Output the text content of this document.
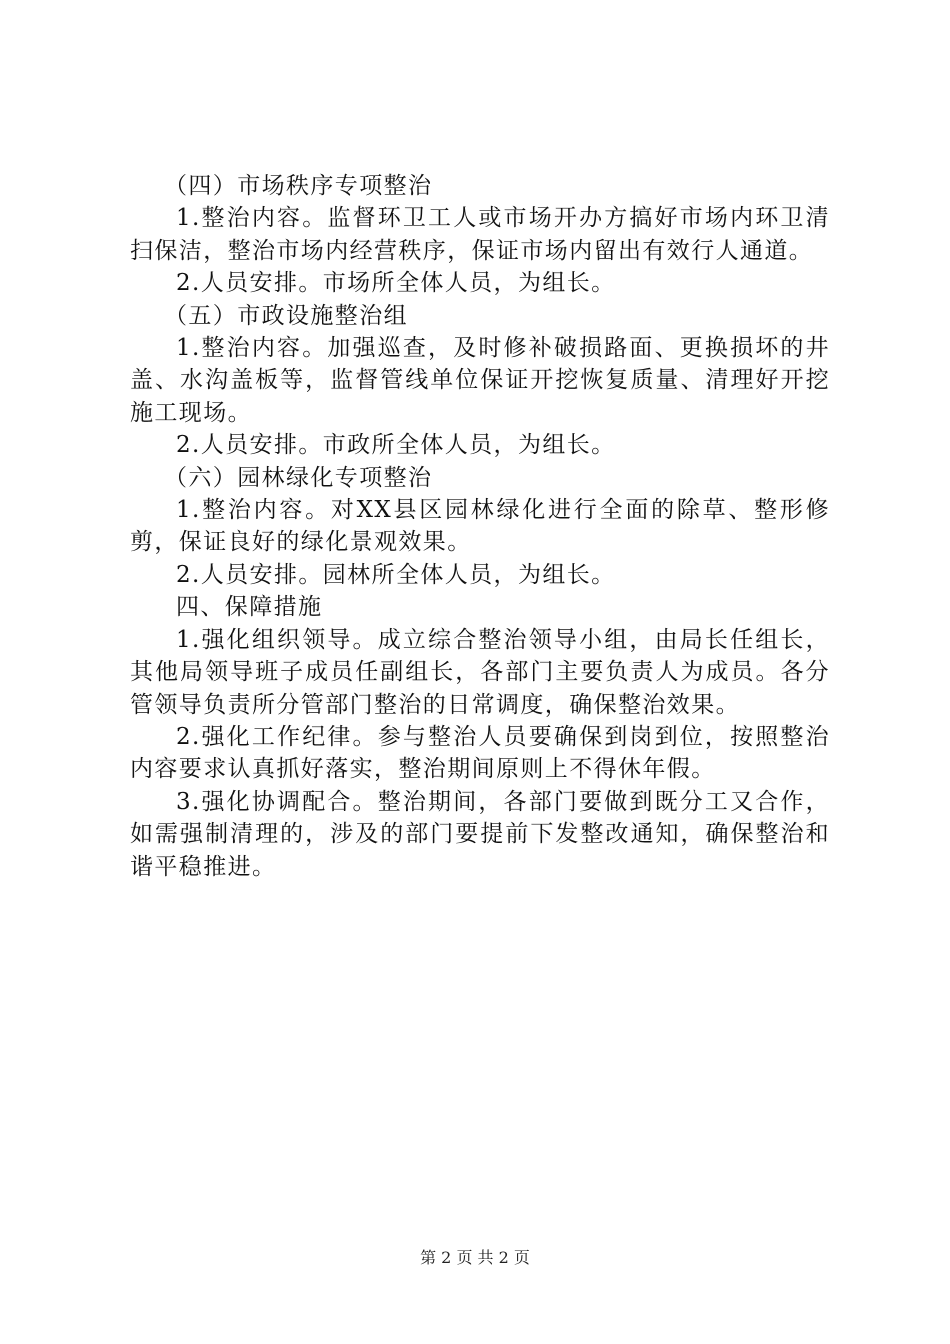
（四）市场秩序专项整治

1.整治内容。监督环卫工人或市场开办方搞好市场内环卫清扫保洁，整治市场内经营秩序，保证市场内留出有效行人通道。

2.人员安排。市场所全体人员，为组长。

（五）市政设施整治组

1.整治内容。加强巡查，及时修补破损路面、更换损坏的井盖、水沟盖板等，监督管线单位保证开挖恢复质量、清理好开挖施工现场。

2.人员安排。市政所全体人员，为组长。

（六）园林绿化专项整治

1.整治内容。对XX县区园林绿化进行全面的除草、整形修剪，保证良好的绿化景观效果。

2.人员安排。园林所全体人员，为组长。

四、保障措施

1.强化组织领导。成立综合整治领导小组，由局长任组长，其他局领导班子成员任副组长，各部门主要负责人为成员。各分管领导负责所分管部门整治的日常调度，确保整治效果。

2.强化工作纪律。参与整治人员要确保到岗到位，按照整治内容要求认真抓好落实，整治期间原则上不得休年假。

3.强化协调配合。整治期间，各部门要做到既分工又合作，如需强制清理的，涉及的部门要提前下发整改通知，确保整治和谐平稳推进。

第 2 页 共 2 页
